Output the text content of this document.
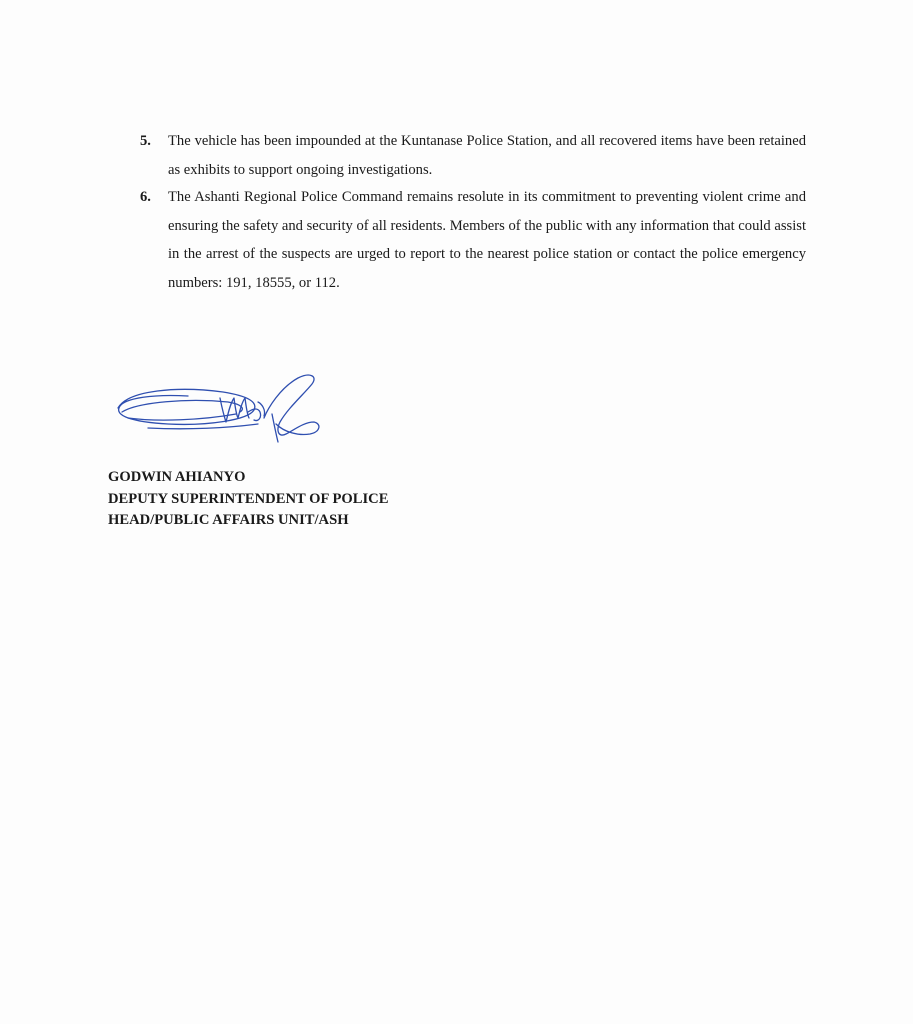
5. The vehicle has been impounded at the Kuntanase Police Station, and all recovered items have been retained as exhibits to support ongoing investigations.
6. The Ashanti Regional Police Command remains resolute in its commitment to preventing violent crime and ensuring the safety and security of all residents. Members of the public with any information that could assist in the arrest of the suspects are urged to report to the nearest police station or contact the police emergency numbers: 191, 18555, or 112.
GODWIN AHIANYO
DEPUTY SUPERINTENDENT OF POLICE
HEAD/PUBLIC AFFAIRS UNIT/ASH
